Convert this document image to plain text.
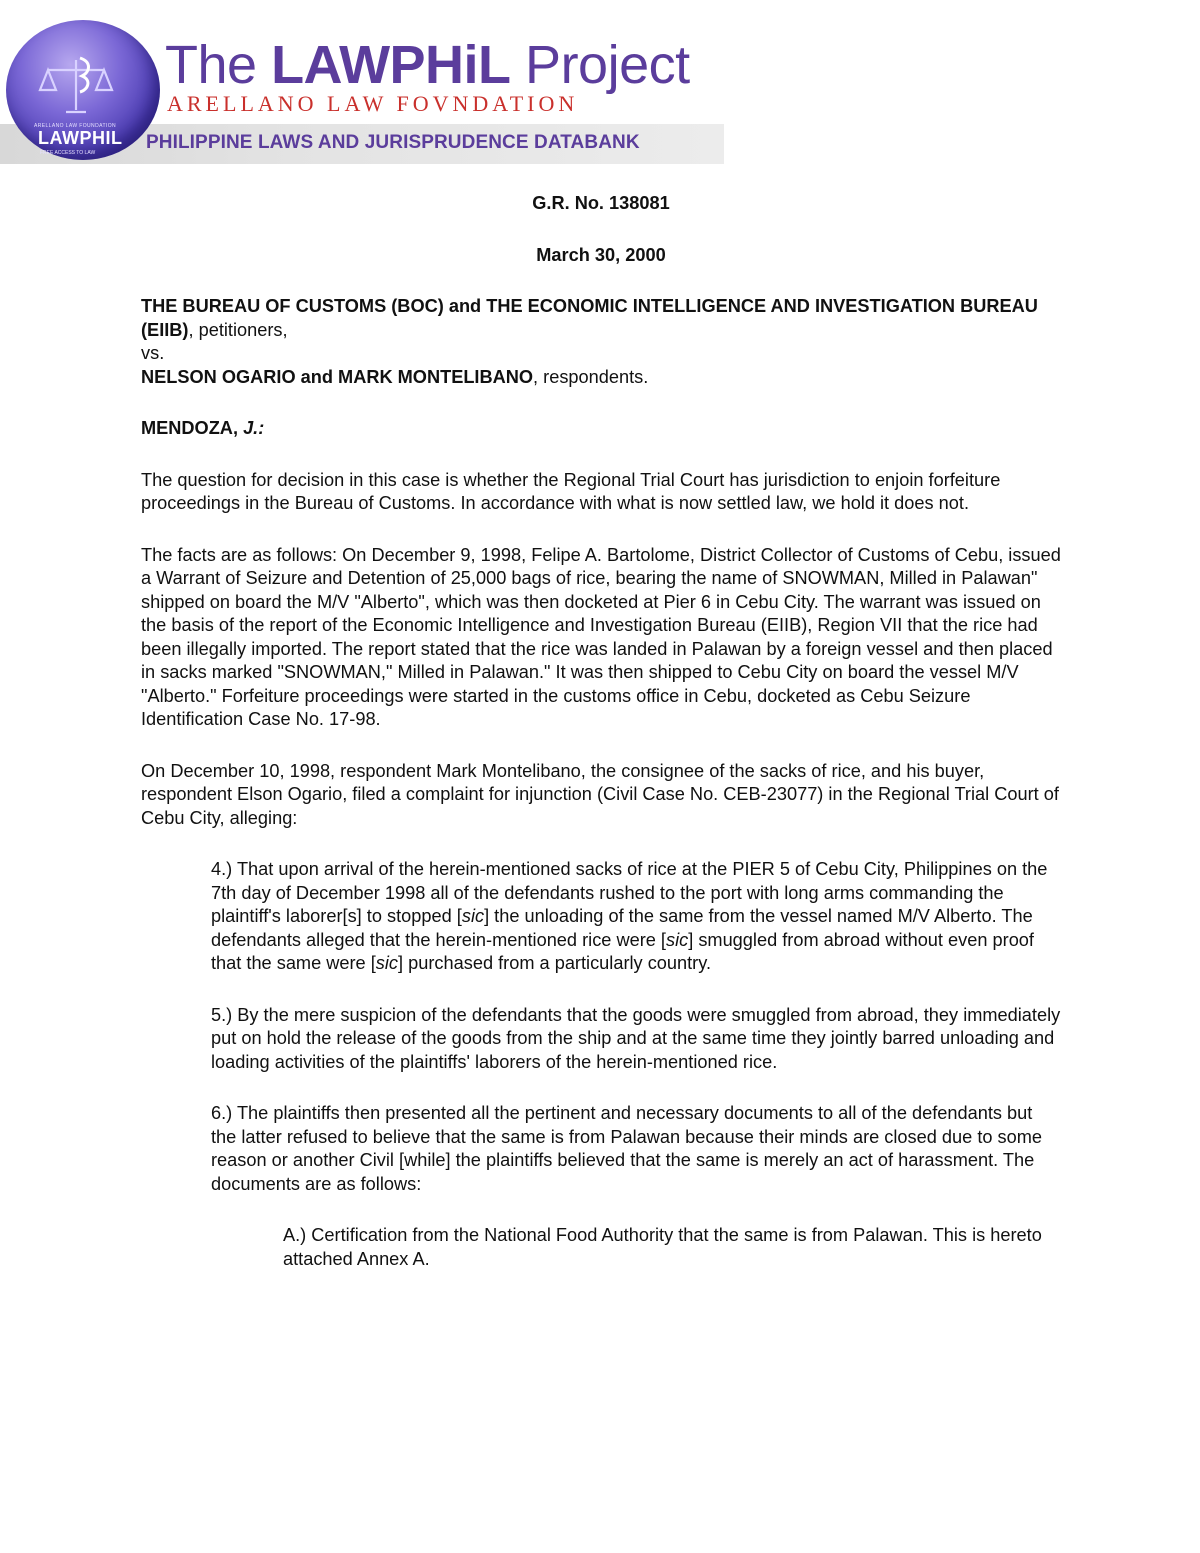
ARELLANO LAW FOUNDATION
LAWPHIL
FREE ACCESS TO LAW
The LAWPHiL Project
ARELLANO LAW FOVNDATION
PHILIPPINE LAWS AND JURISPRUDENCE DATABANK

G.R. No. 138081

March 30, 2000

THE BUREAU OF CUSTOMS (BOC) and THE ECONOMIC INTELLIGENCE AND INVESTIGATION BUREAU (EIIB), petitioners,

vs.

NELSON OGARIO and MARK MONTELIBANO, respondents.

MENDOZA, J.:

The question for decision in this case is whether the Regional Trial Court has jurisdiction to enjoin forfeiture proceedings in the Bureau of Customs. In accordance with what is now settled law, we hold it does not.

The facts are as follows: On December 9, 1998, Felipe A. Bartolome, District Collector of Customs of Cebu, issued a Warrant of Seizure and Detention of 25,000 bags of rice, bearing the name of SNOWMAN, Milled in Palawan" shipped on board the M/V "Alberto", which was then docketed at Pier 6 in Cebu City. The warrant was issued on the basis of the report of the Economic Intelligence and Investigation Bureau (EIIB), Region VII that the rice had been illegally imported. The report stated that the rice was landed in Palawan by a foreign vessel and then placed in sacks marked "SNOWMAN," Milled in Palawan." It was then shipped to Cebu City on board the vessel M/V "Alberto." Forfeiture proceedings were started in the customs office in Cebu, docketed as Cebu Seizure Identification Case No. 17-98.

On December 10, 1998, respondent Mark Montelibano, the consignee of the sacks of rice, and his buyer, respondent Elson Ogario, filed a complaint for injunction (Civil Case No. CEB-23077) in the Regional Trial Court of Cebu City, alleging:

4.) That upon arrival of the herein-mentioned sacks of rice at the PIER 5 of Cebu City, Philippines on the 7th day of December 1998 all of the defendants rushed to the port with long arms commanding the plaintiff's laborer[s] to stopped [sic] the unloading of the same from the vessel named M/V Alberto. The defendants alleged that the herein-mentioned rice were [sic] smuggled from abroad without even proof that the same were [sic] purchased from a particularly country.

5.) By the mere suspicion of the defendants that the goods were smuggled from abroad, they immediately put on hold the release of the goods from the ship and at the same time they jointly barred unloading and loading activities of the plaintiffs' laborers of the herein-mentioned rice.

6.) The plaintiffs then presented all the pertinent and necessary documents to all of the defendants but the latter refused to believe that the same is from Palawan because their minds are closed due to some reason or another Civil [while] the plaintiffs believed that the same is merely an act of harassment. The documents are as follows:

A.) Certification from the National Food Authority that the same is from Palawan. This is hereto attached Annex A.
